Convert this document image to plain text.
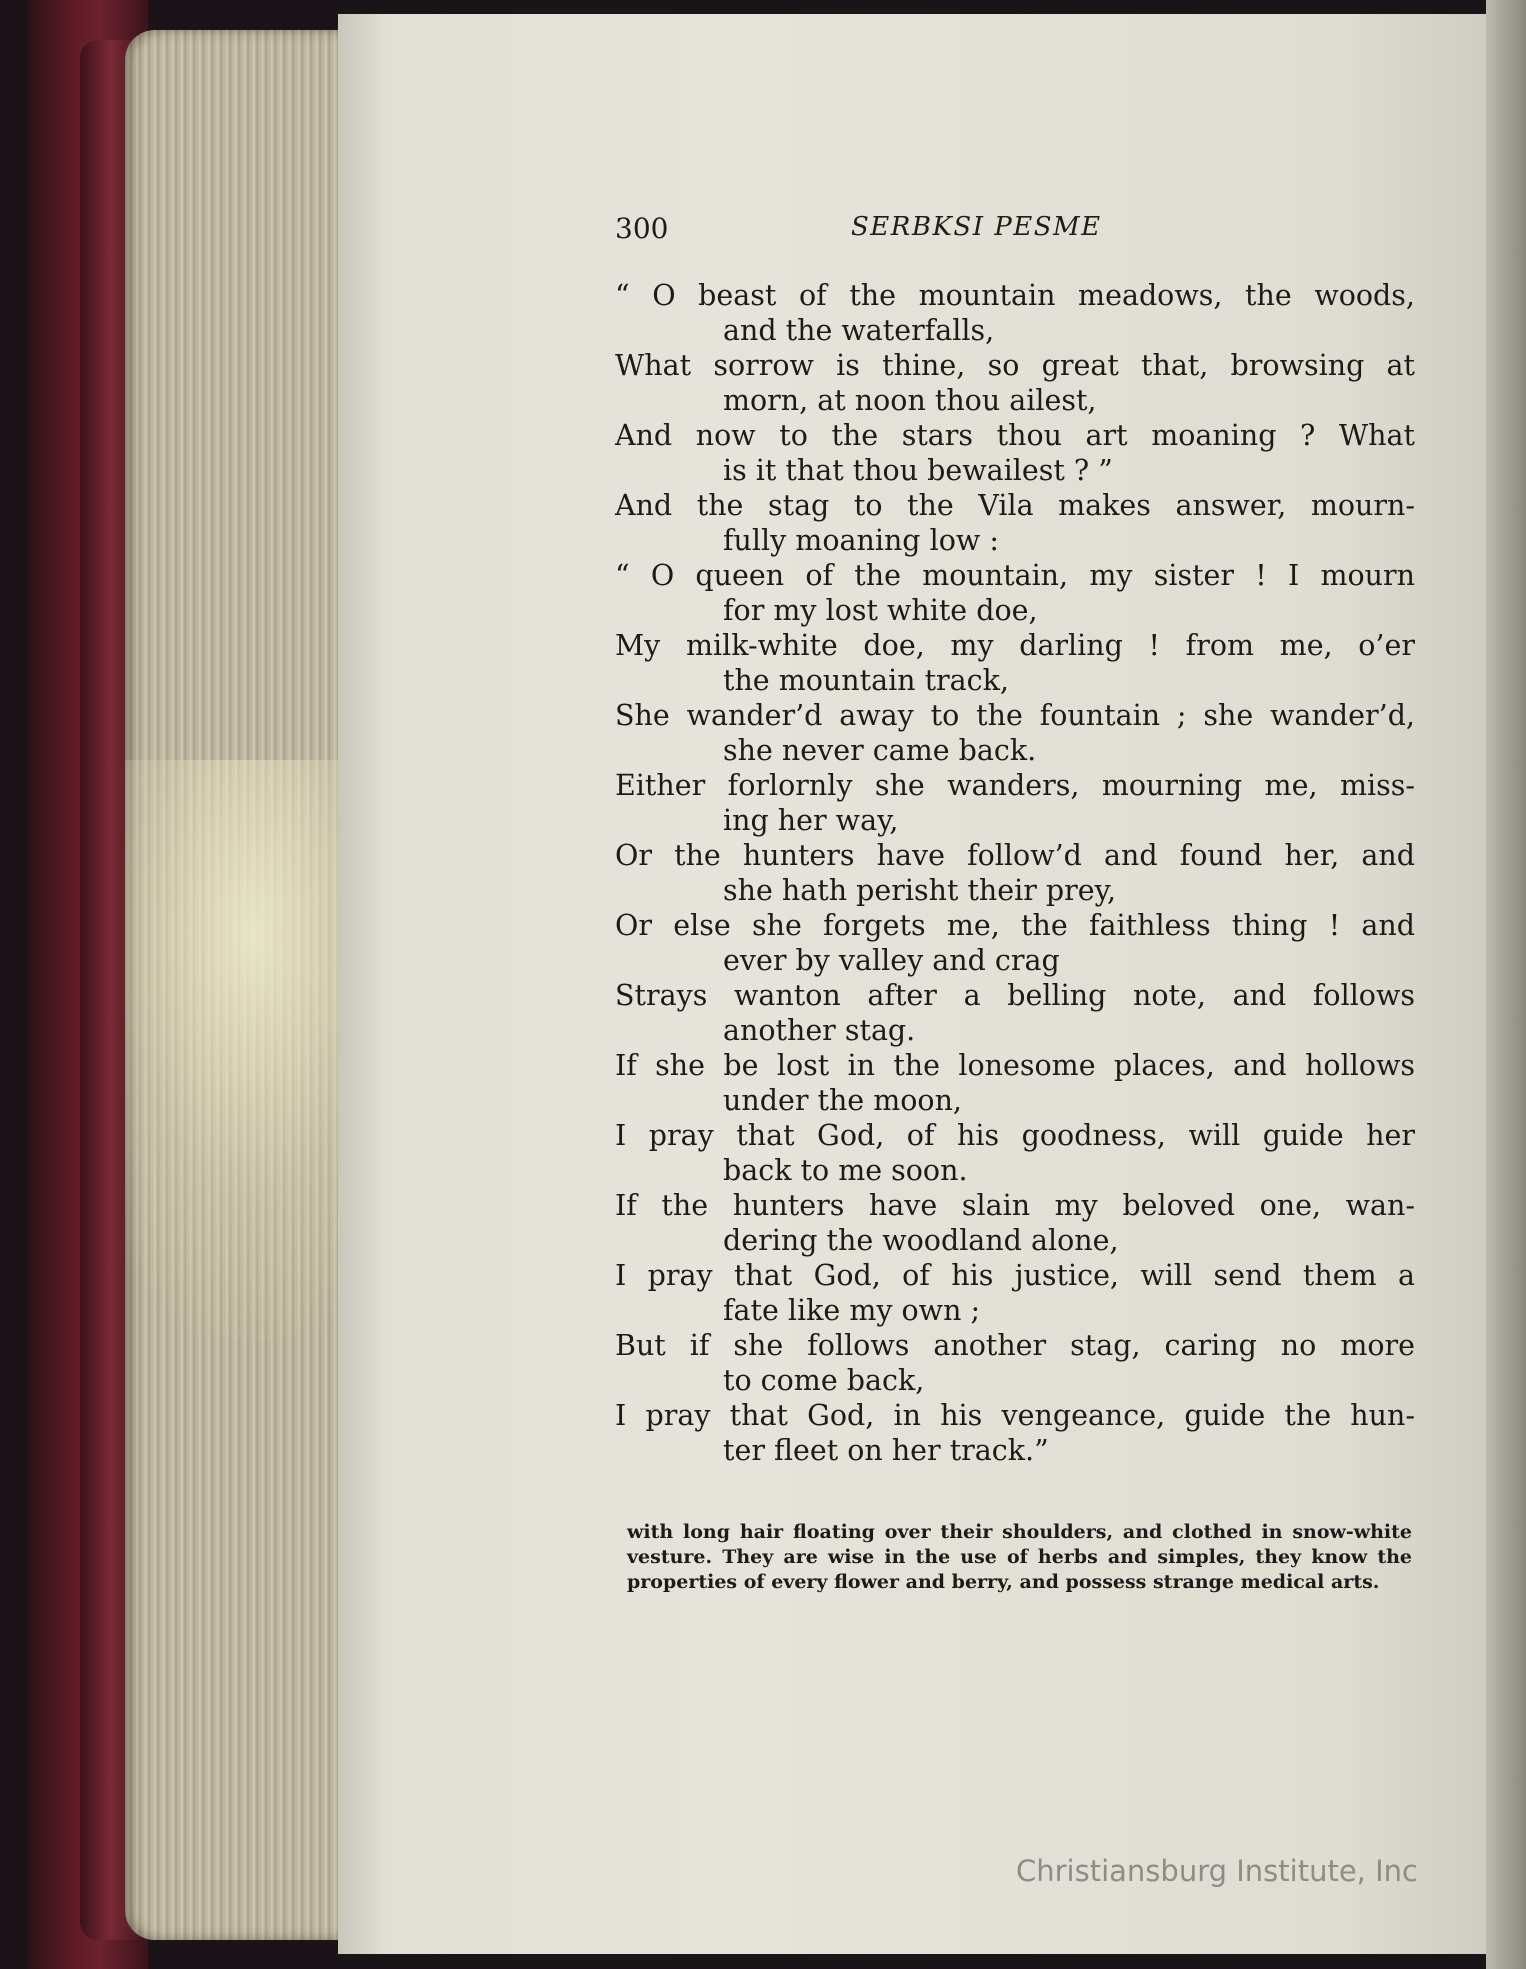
300	SERBKSI PESME

“ O beast of the mountain meadows, the woods,
and the waterfalls,

What sorrow is thine, so great that, browsing at
morn, at noon thou ailest,

And now to the stars thou art moaning ? What
is it that thou bewailest ? ”

And the stag to the Vila makes answer, mourn-
fully moaning low :

“ O queen of the mountain, my sister ! I mourn
for my lost white doe,

My milk-white doe, my darling ! from me, o’er
the mountain track,

She wander’d away to the fountain ; she wander’d,
she never came back.

Either forlornly she wanders, mourning me, miss-
ing her way,

Or the hunters have follow’d and found her, and
she hath perisht their prey,

Or else she forgets me, the faithless thing ! and
ever by valley and crag

Strays wanton after a belling note, and follows
another stag.

If she be lost in the lonesome places, and hollows
under the moon,

I pray that God, of his goodness, will guide her
back to me soon.

If the hunters have slain my beloved one, wan-
dering the woodland alone,

I pray that God, of his justice, will send them a
fate like my own ;

But if she follows another stag, caring no more
to come back,

I pray that God, in his vengeance, guide the hun-
ter fleet on her track.”

with long hair floating over their shoulders, and clothed in snow-white vesture. They are wise in the use of herbs and simples, they know the properties of every flower and berry, and possess strange medical arts.
Christiansburg Institute, Inc
